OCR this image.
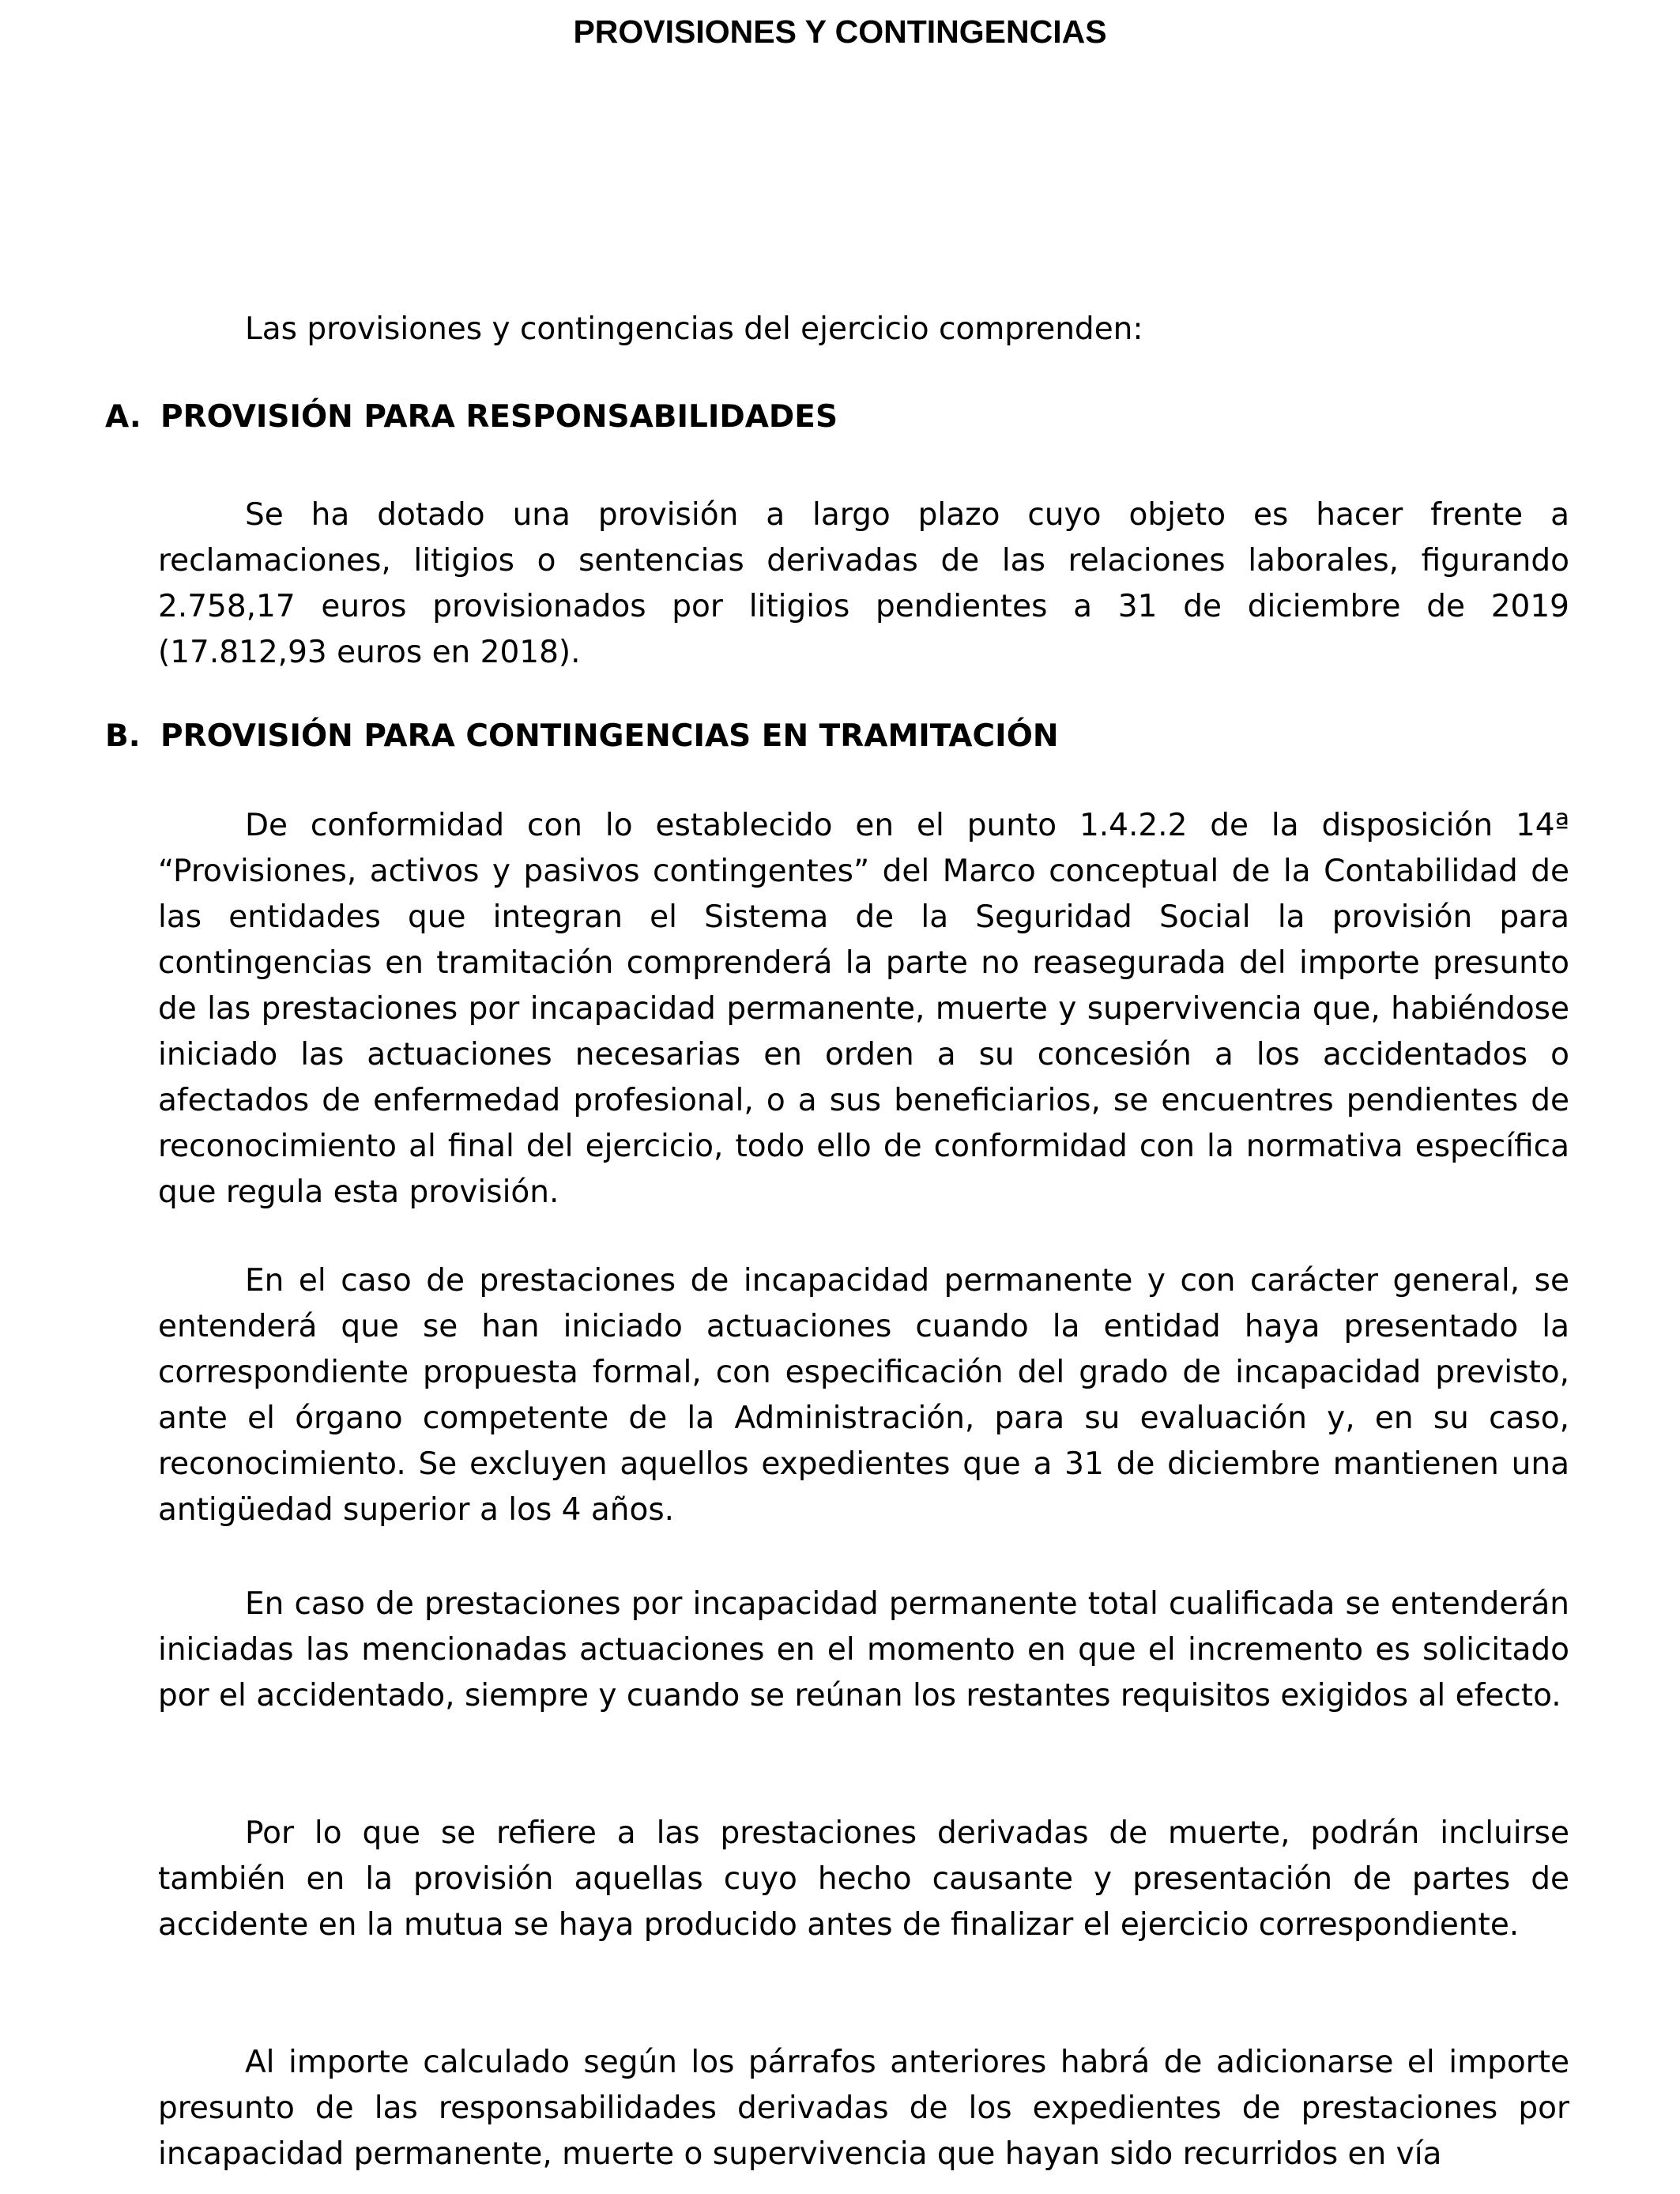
PROVISIONES Y CONTINGENCIAS

Las provisiones y contingencias del ejercicio comprenden:

A. PROVISIÓN PARA RESPONSABILIDADES

Se ha dotado una provisión a largo plazo cuyo objeto es hacer frente a reclamaciones, litigios o sentencias derivadas de las relaciones laborales, figurando 2.758,17 euros provisionados por litigios pendientes a 31 de diciembre de 2019 (17.812,93 euros en 2018).

B. PROVISIÓN PARA CONTINGENCIAS EN TRAMITACIÓN

De conformidad con lo establecido en el punto 1.4.2.2 de la disposición 14ª “Provisiones, activos y pasivos contingentes” del Marco conceptual de la Contabilidad de las entidades que integran el Sistema de la Seguridad Social la provisión para contingencias en tramitación comprenderá la parte no reasegurada del importe presunto de las prestaciones por incapacidad permanente, muerte y supervivencia que, habiéndose iniciado las actuaciones necesarias en orden a su concesión a los accidentados o afectados de enfermedad profesional, o a sus beneficiarios, se encuentres pendientes de reconocimiento al final del ejercicio, todo ello de conformidad con la normativa específica que regula esta provisión.

En el caso de prestaciones de incapacidad permanente y con carácter general, se entenderá que se han iniciado actuaciones cuando la entidad haya presentado la correspondiente propuesta formal, con especificación del grado de incapacidad previsto, ante el órgano competente de la Administración, para su evaluación y, en su caso, reconocimiento. Se excluyen aquellos expedientes que a 31 de diciembre mantienen una antigüedad superior a los 4 años.

En caso de prestaciones por incapacidad permanente total cualificada se entenderán iniciadas las mencionadas actuaciones en el momento en que el incremento es solicitado por el accidentado, siempre y cuando se reúnan los restantes requisitos exigidos al efecto.

Por lo que se refiere a las prestaciones derivadas de muerte, podrán incluirse también en la provisión aquellas cuyo hecho causante y presentación de partes de accidente en la mutua se haya producido antes de finalizar el ejercicio correspondiente.

Al importe calculado según los párrafos anteriores habrá de adicionarse el importe presunto de las responsabilidades derivadas de los expedientes de prestaciones por incapacidad permanente, muerte o supervivencia que hayan sido recurridos en vía
